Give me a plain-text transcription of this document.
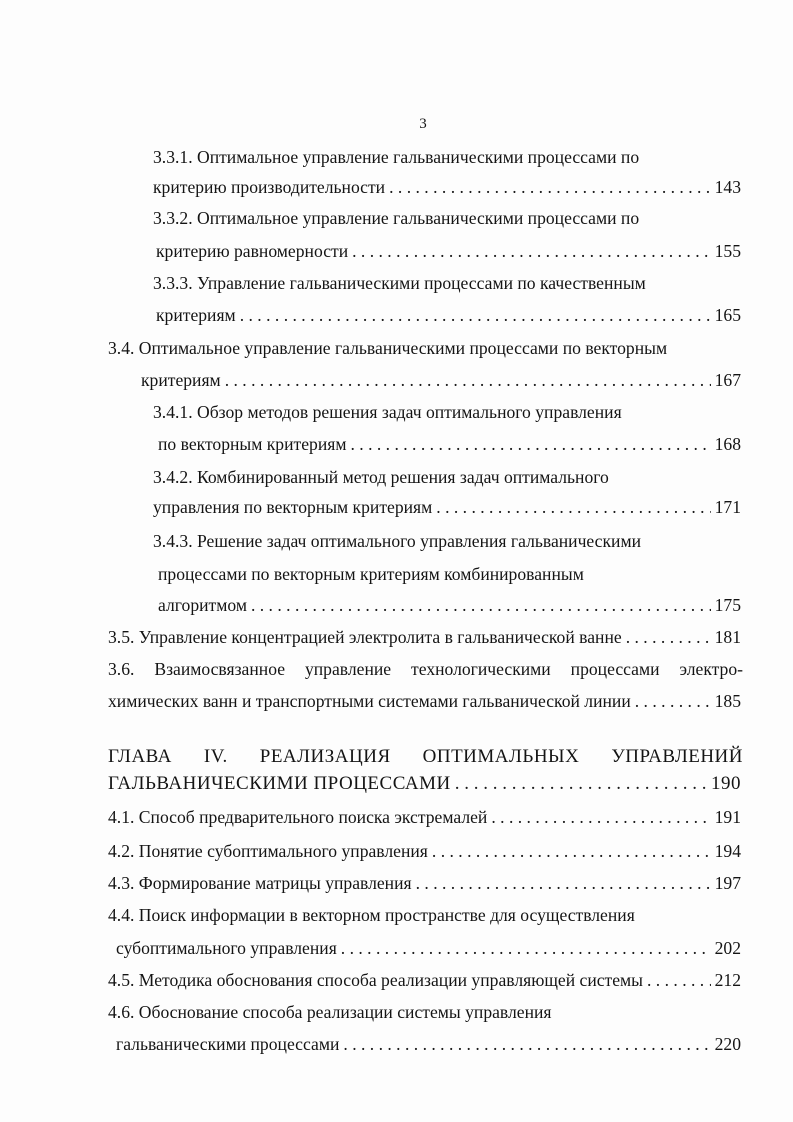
3
3.3.1. Оптимальное управление гальваническими процессами по
критерию производительности . . .	143
3.3.2. Оптимальное управление гальваническими процессами по
критерию равномерности . . .	155
3.3.3. Управление гальваническими процессами по качественным
критериям . . .	165
3.4. Оптимальное управление гальваническими процессами по векторным
критериям . . .	167
3.4.1. Обзор методов решения задач оптимального управления
по векторным критериям . . .	168
3.4.2. Комбинированный метод решения задач оптимального
управления по векторным критериям . . .	171
3.4.3. Решение задач оптимального управления гальваническими
процессами по векторным критериям комбинированным
алгоритмом . . .	175
3.5. Управление концентрацией электролита в гальванической ванне . . .	181
3.6. Взаимосвязанное управление технологическими процессами электро-
химических ванн и транспортными системами гальванической линии . . .	185
ГЛАВА IV. РЕАЛИЗАЦИЯ ОПТИМАЛЬНЫХ УПРАВЛЕНИЙ
ГАЛЬВАНИЧЕСКИМИ ПРОЦЕССАМИ . . .	190
4.1. Способ предварительного поиска экстремалей . . .	191
4.2. Понятие субоптимального управления . . .	194
4.3. Формирование матрицы управления . . .	197
4.4. Поиск информации в векторном пространстве для осуществления
субоптимального управления . . .	202
4.5. Методика обоснования способа реализации управляющей системы . . .	212
4.6. Обоснование способа реализации системы управления
гальваническими процессами . . .	220
